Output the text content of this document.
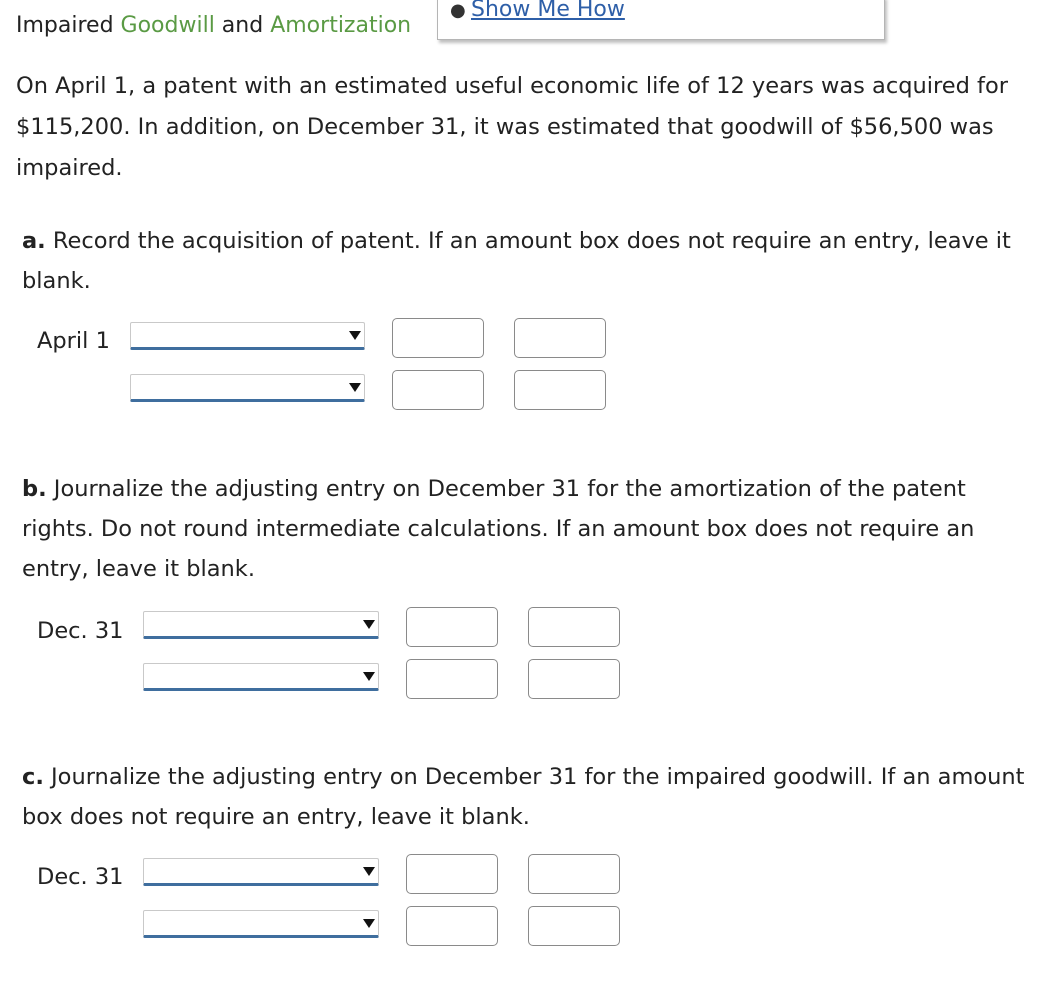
Impaired Goodwill and Amortization
● Show Me How
On April 1, a patent with an estimated useful economic life of 12 years was acquired for $115,200. In addition, on December 31, it was estimated that goodwill of $56,500 was impaired.
a. Record the acquisition of patent. If an amount box does not require an entry, leave it blank.
April 1
b. Journalize the adjusting entry on December 31 for the amortization of the patent rights. Do not round intermediate calculations. If an amount box does not require an entry, leave it blank.
Dec. 31
c. Journalize the adjusting entry on December 31 for the impaired goodwill. If an amount box does not require an entry, leave it blank.
Dec. 31
